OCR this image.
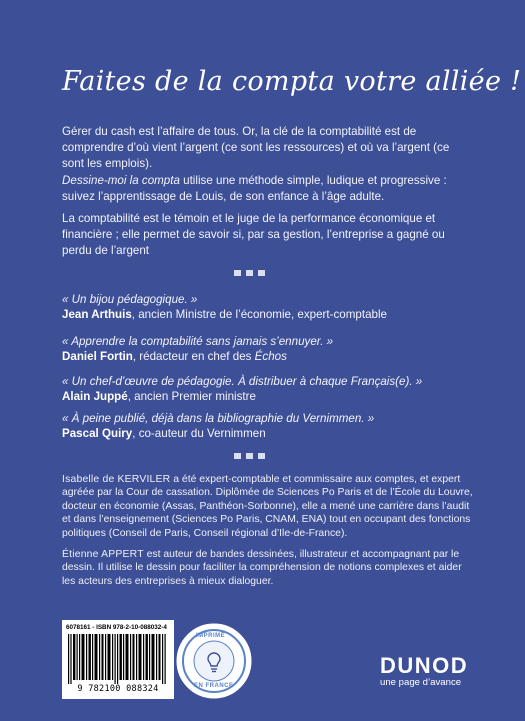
Faites de la compta votre alliée !

Gérer du cash est l’affaire de tous. Or, la clé de la comptabilité est de comprendre d’où vient l’argent (ce sont les ressources) et où va l’argent (ce sont les emplois).

Dessine-moi la compta utilise une méthode simple, ludique et progressive : suivez l’apprentissage de Louis, de son enfance à l’âge adulte.

La comptabilité est le témoin et le juge de la performance économique et financière ; elle permet de savoir si, par sa gestion, l’entreprise a gagné ou perdu de l’argent

« Un bijou pédagogique. »
Jean Arthuis, ancien Ministre de l’économie, expert-comptable
« Apprendre la comptabilité sans jamais s’ennuyer. »
Daniel Fortin, rédacteur en chef des Échos
« Un chef-d’œuvre de pédagogie. À distribuer à chaque Français(e). »
Alain Juppé, ancien Premier ministre
« À peine publié, déjà dans la bibliographie du Vernimmen. »
Pascal Quiry, co-auteur du Vernimmen

Isabelle de KERVILER a été expert-comptable et commissaire aux comptes, et expert agréée par la Cour de cassation. Diplômée de Sciences Po Paris et de l’École du Louvre, docteur en économie (Assas, Panthéon-Sorbonne), elle a mené une carrière dans l’audit et dans l’enseignement (Sciences Po Paris, CNAM, ENA) tout en occupant des fonctions politiques (Conseil de Paris, Conseil régional d’Ile-de-France).

Étienne APPERT est auteur de bandes dessinées, illustrateur et accompagnant par le dessin. Il utilise le dessin pour faciliter la compréhension de notions complexes et aider les acteurs des entreprises à mieux dialoguer.

6078161 - ISBN 978-2-10-088032-4
9 782100 088324
IMPRIMÉ
EN FRANCE
DUNOD
une page d’avance
